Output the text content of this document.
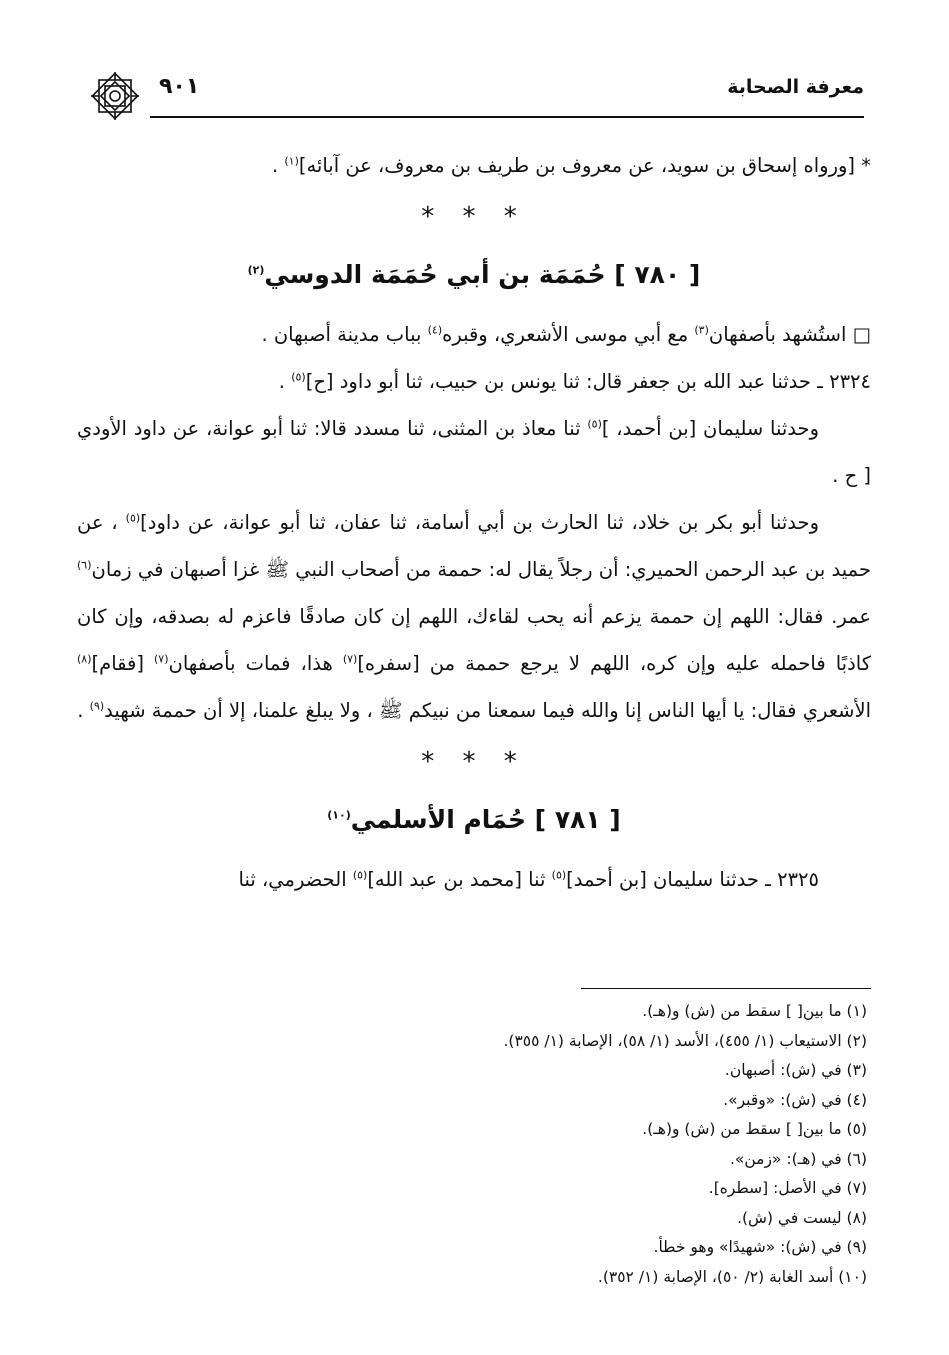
معرفة الصحابة
٩٠١

* [ورواه إسحاق بن سويد، عن معروف بن طريف بن معروف، عن آبائه]$^{(١)}$ .

* * *
[ ٧٨٠ ] حُمَمَة بن أبي حُمَمَة الدوسي$^{(٢)}$

□ استُشهد بأصفهان$^{(٣)}$ مع أبي موسى الأشعري، وقبره$^{(٤)}$ بباب مدينة أصبهان .

٢٣٢٤ ـ حدثنا عبد الله بن جعفر قال: ثنا يونس بن حبيب، ثنا أبو داود [ح]$^{(٥)}$ .

وحدثنا سليمان [بن أحمد، ]$^{(٥)}$ ثنا معاذ بن المثنى، ثنا مسدد قالا: ثنا أبو عوانة، عن داود الأودي [ ح .

وحدثنا أبو بكر بن خلاد، ثنا الحارث بن أبي أسامة، ثنا عفان، ثنا أبو عوانة، عن داود]$^{(٥)}$ ، عن حميد بن عبد الرحمن الحميري: أن رجلاً يقال له: حممة من أصحاب النبي ﷺ غزا أصبهان في زمان$^{(٦)}$ عمر. فقال: اللهم إن حممة يزعم أنه يحب لقاءك، اللهم إن كان صادقًا فاعزم له بصدقه، وإن كان كاذبًا فاحمله عليه وإن كره، اللهم لا يرجع حممة من [سفره]$^{(٧)}$ هذا، فمات بأصفهان$^{(٧)}$ [فقام]$^{(٨)}$ الأشعري فقال: يا أيها الناس إنا والله فيما سمعنا من نبيكم ﷺ ، ولا يبلغ علمنا، إلا أن حممة شهيد$^{(٩)}$ .

* * *
[ ٧٨١ ] حُمَام الأسلمي$^{(١٠)}$

٢٣٢٥ ـ حدثنا سليمان [بن أحمد]$^{(٥)}$ ثنا [محمد بن عبد الله]$^{(٥)}$ الحضرمي، ثنا

(١) ما بين[ ] سقط من (ش) و(هـ).
(٢) الاستيعاب (١/ ٤٥٥)، الأسد (١/ ٥٨)، الإصابة (١/ ٣٥٥).
(٣) في (ش): أصبهان.
(٤) في (ش): «وقبر».
(٥) ما بين[ ] سقط من (ش) و(هـ).
(٦) في (هـ): «زمن».
(٧) في الأصل: [سطره].
(٨) ليست في (ش).
(٩) في (ش): «شهيدًا» وهو خطأ.
(١٠) أسد الغابة (٢/ ٥٠)، الإصابة (١/ ٣٥٢).
